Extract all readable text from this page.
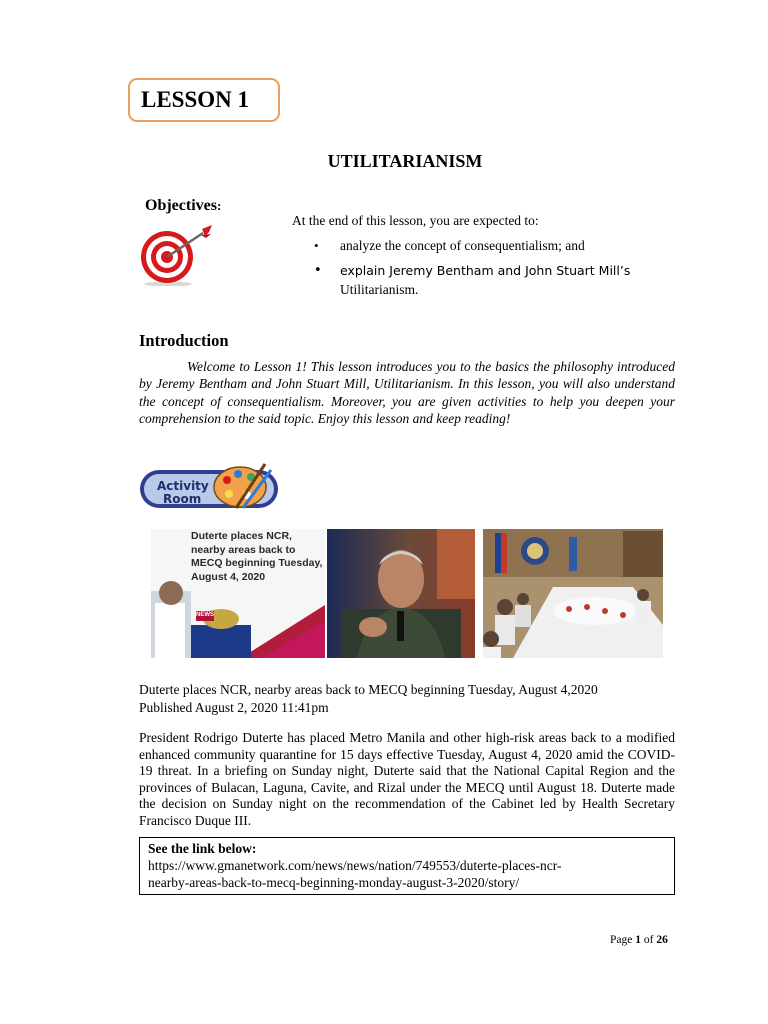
LESSON 1
UTILITARIANISM
Objectives:
At the end of this lesson, you are expected to:
• analyze the concept of consequentialism; and
• explain Jeremy Bentham and John Stuart Mill’s
Utilitarianism.
Introduction

Welcome to Lesson 1! This lesson introduces you to the basics the philosophy introduced by Jeremy Bentham and John Stuart Mill, Utilitarianism. In this lesson, you will also understand the concept of consequentialism. Moreover, you are given activities to help you deepen your comprehension to the said topic. Enjoy this lesson and keep reading!

Activity
Room
Duterte places NCR,
nearby areas back to
MECQ beginning Tuesday,
August 4, 2020
NEWS
Duterte places NCR, nearby areas back to MECQ beginning Tuesday, August 4,2020
Published August 2, 2020 11:41pm

President Rodrigo Duterte has placed Metro Manila and other high-risk areas back to a modified enhanced community quarantine for 15 days effective Tuesday, August 4, 2020 amid the COVID-19 threat. In a briefing on Sunday night, Duterte said that the National Capital Region and the provinces of Bulacan, Laguna, Cavite, and Rizal under the MECQ until August 18. Duterte made the decision on Sunday night on the recommendation of the Cabinet led by Health Secretary Francisco Duque III.

See the link below:
https://www.gmanetwork.com/news/news/nation/749553/duterte-places-ncr-
nearby-areas-back-to-mecq-beginning-monday-august-3-2020/story/
Page 1 of 26
